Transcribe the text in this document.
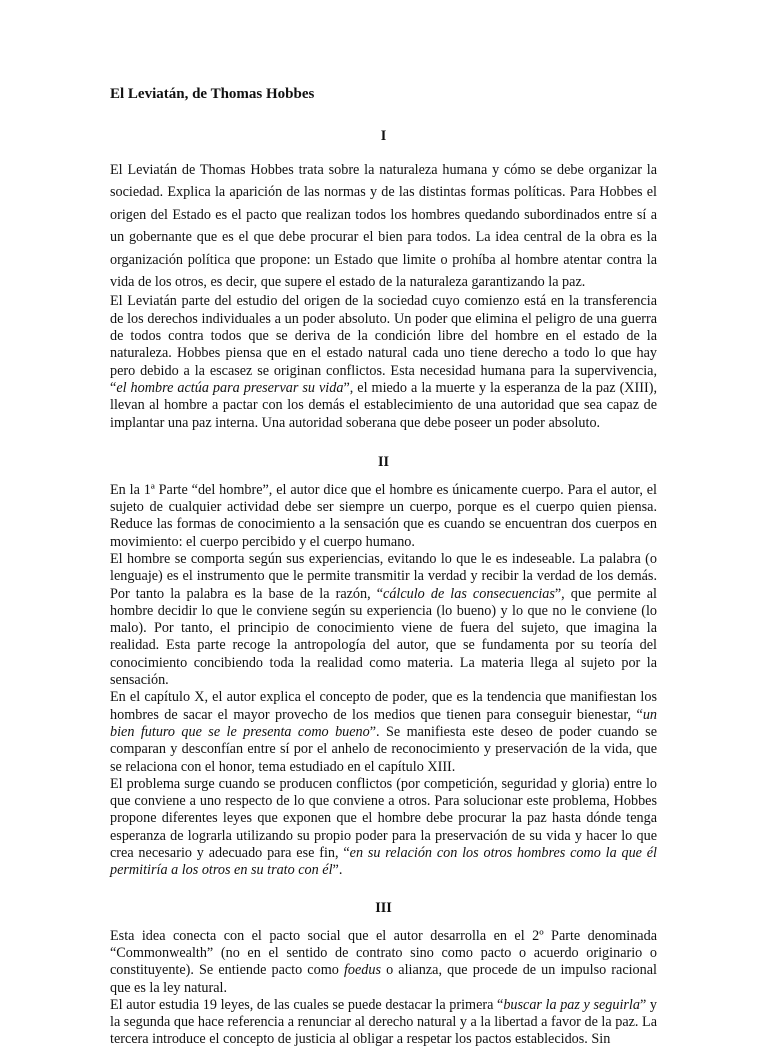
El Leviatán, de Thomas Hobbes
I

El Leviatán de Thomas Hobbes trata sobre la naturaleza humana y cómo se debe organizar la sociedad. Explica la aparición de las normas y de las distintas formas políticas. Para Hobbes el origen del Estado es el pacto que realizan todos los hombres quedando subordinados entre sí a un gobernante que es el que debe procurar el bien para todos. La idea central de la obra es la organización política que propone: un Estado que limite o prohíba al hombre atentar contra la vida de los otros, es decir, que supere el estado de la naturaleza garantizando la paz.

El Leviatán parte del estudio del origen de la sociedad cuyo comienzo está en la transferencia de los derechos individuales a un poder absoluto. Un poder que elimina el peligro de una guerra de todos contra todos que se deriva de la condición libre del hombre en el estado de la naturaleza. Hobbes piensa que en el estado natural cada uno tiene derecho a todo lo que hay pero debido a la escasez se originan conflictos. Esta necesidad humana para la supervivencia, “el hombre actúa para preservar su vida”, el miedo a la muerte y la esperanza de la paz (XIII), llevan al hombre a pactar con los demás el establecimiento de una autoridad que sea capaz de implantar una paz interna. Una autoridad soberana que debe poseer un poder absoluto.

II

En la 1ª Parte “del hombre”, el autor dice que el hombre es únicamente cuerpo. Para el autor, el sujeto de cualquier actividad debe ser siempre un cuerpo, porque es el cuerpo quien piensa. Reduce las formas de conocimiento a la sensación que es cuando se encuentran dos cuerpos en movimiento: el cuerpo percibido y el cuerpo humano.

El hombre se comporta según sus experiencias, evitando lo que le es indeseable. La palabra (o lenguaje) es el instrumento que le permite transmitir la verdad y recibir la verdad de los demás. Por tanto la palabra es la base de la razón, “cálculo de las consecuencias”, que permite al hombre decidir lo que le conviene según su experiencia (lo bueno) y lo que no le conviene (lo malo). Por tanto, el principio de conocimiento viene de fuera del sujeto, que imagina la realidad. Esta parte recoge la antropología del autor, que se fundamenta por su teoría del conocimiento concibiendo toda la realidad como materia. La materia llega al sujeto por la sensación.

En el capítulo X, el autor explica el concepto de poder, que es la tendencia que manifiestan los hombres de sacar el mayor provecho de los medios que tienen para conseguir bienestar, “un bien futuro que se le presenta como bueno”. Se manifiesta este deseo de poder cuando se comparan y desconfían entre sí por el anhelo de reconocimiento y preservación de la vida, que se relaciona con el honor, tema estudiado en el capítulo XIII.

El problema surge cuando se producen conflictos (por competición, seguridad y gloria) entre lo que conviene a uno respecto de lo que conviene a otros. Para solucionar este problema, Hobbes propone diferentes leyes que exponen que el hombre debe procurar la paz hasta dónde tenga esperanza de lograrla utilizando su propio poder para la preservación de su vida y hacer lo que crea necesario y adecuado para ese fin, “en su relación con los otros hombres como la que él permitiría a los otros en su trato con él”.

III

Esta idea conecta con el pacto social que el autor desarrolla en el 2º Parte denominada “Commonwealth” (no en el sentido de contrato sino como pacto o acuerdo originario o constituyente). Se entiende pacto como foedus o alianza, que procede de un impulso racional que es la ley natural.

El autor estudia 19 leyes, de las cuales se puede destacar la primera “buscar la paz y seguirla” y la segunda que hace referencia a renunciar al derecho natural y a la libertad a favor de la paz. La tercera introduce el concepto de justicia al obligar a respetar los pactos establecidos. Sin
